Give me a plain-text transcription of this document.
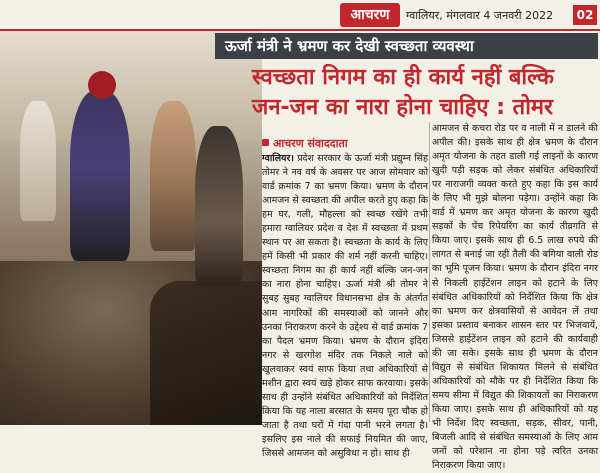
आचरण	ग्वालियर, मंगलवार 4 जनवरी 2022	02
ऊर्जा मंत्री ने भ्रमण कर देखी स्वच्छता व्यवस्था
स्वच्छता निगम का ही कार्य नहीं बल्कि
जन-जन का नारा होना चाहिए : तोमर
आचरण संवाददाता

ग्वालियर। प्रदेश सरकार के ऊर्जा मंत्री प्रद्युम्न सिंह तोमर ने नव वर्ष के अवसर पर आज सोमवार को वार्ड क्रमांक 7 का भ्रमण किया। भ्रमण के दौरान आमजन से स्वच्छता की अपील करते हुए कहा कि हम घर, गली, मौहल्ला को स्वच्छ रखेंगे तभी हमारा ग्वालियर प्रदेश व देश में स्वच्छता में प्रथम स्थान पर आ सकता है। स्वच्छता के कार्य के लिए हमें किसी भी प्रकार की शर्म नहीं करनी चाहिए। स्वच्छता निगम का ही कार्य नहीं बल्कि जन-जन का नारा होना चाहिए। ऊर्जा मंत्री श्री तोमर ने सुबह सुबह ग्वालियर विधानसभा क्षेत्र के अंतर्गत आम नागरिकों की समस्याओं को जानने और उनका निराकरण करने के उद्देश्य से वार्ड क्रमांक 7 का पैदल भ्रमण किया। भ्रमण के दौरान इंदिरा नगर से खरगोश मंदिर तक निकले नाले को खुलवाकर स्वयं साफ किया तथा अधिकारियों से मशीन द्वारा स्वयं खड़े होकर साफ करवाया। इसके साथ ही उन्होंने संबंधित अधिकारियों को निर्देशित किया कि यह नाला बरसात के समय पूरा चौक हो जाता है तथा घरों में गंदा पानी भरने लगता है। इसलिए इस नाले की सफाई नियमित की जाए, जिससे आमजन को असुविधा न हो। साथ ही

आमजन से कचरा रोड पर व नाली में न डालने की अपील की। इसके साथ ही क्षेत्र भ्रमण के दौरान अमृत योजना के तहत डाली गई लाइनों के कारण खुदी पड़ी सड़क को लेकर संबंधित अधिकारियों पर नाराजगी व्यक्त करते हुए कहा कि इस कार्य के लिए भी मुझे बोलना पड़ेगा। उन्होंने कहा कि वार्ड में भ्रमण कर अमृत योजना के कारण खुदी सड़कों के पेंच रिपेयरिंग का कार्य तीव्रगति से किया जाए। इसके साथ ही 6.5 लाख रुपये की लागत से बनाई जा रही तैली की बगिया वाली रोड का भूमि पूजन किया। भ्रमण के दौरान इंदिरा नगर से निकली हाईटेंशन लाइन को हटाने के लिए संबंधित अधिकारियों को निर्देशित किया कि क्षेत्र का भ्रमण कर क्षेत्रवासियों से आवेदन लें तथा इसका प्रस्ताव बनाकर शासन स्तर पर भिजवायें, जिससे हाईटेंशन लाइन को हटाने की कार्यवाही की जा सके। इसके साथ ही भ्रमण के दौरान विद्युत से संबंधित शिकायत मिलने से संबंधित अधिकारियों को मौके पर ही निर्देशित किया कि समय सीमा में विद्युत की शिकायतों का निराकरण किया जाए। इसके साथ ही अधिकारियों को यह भी निर्देश दिए स्वच्छता, सड़क, सीवर, पानी, बिजली आदि से संबंधित समस्याओं के लिए आम जनों को परेशान ना होना पड़े त्वरित उनका निराकरण किया जाए।
